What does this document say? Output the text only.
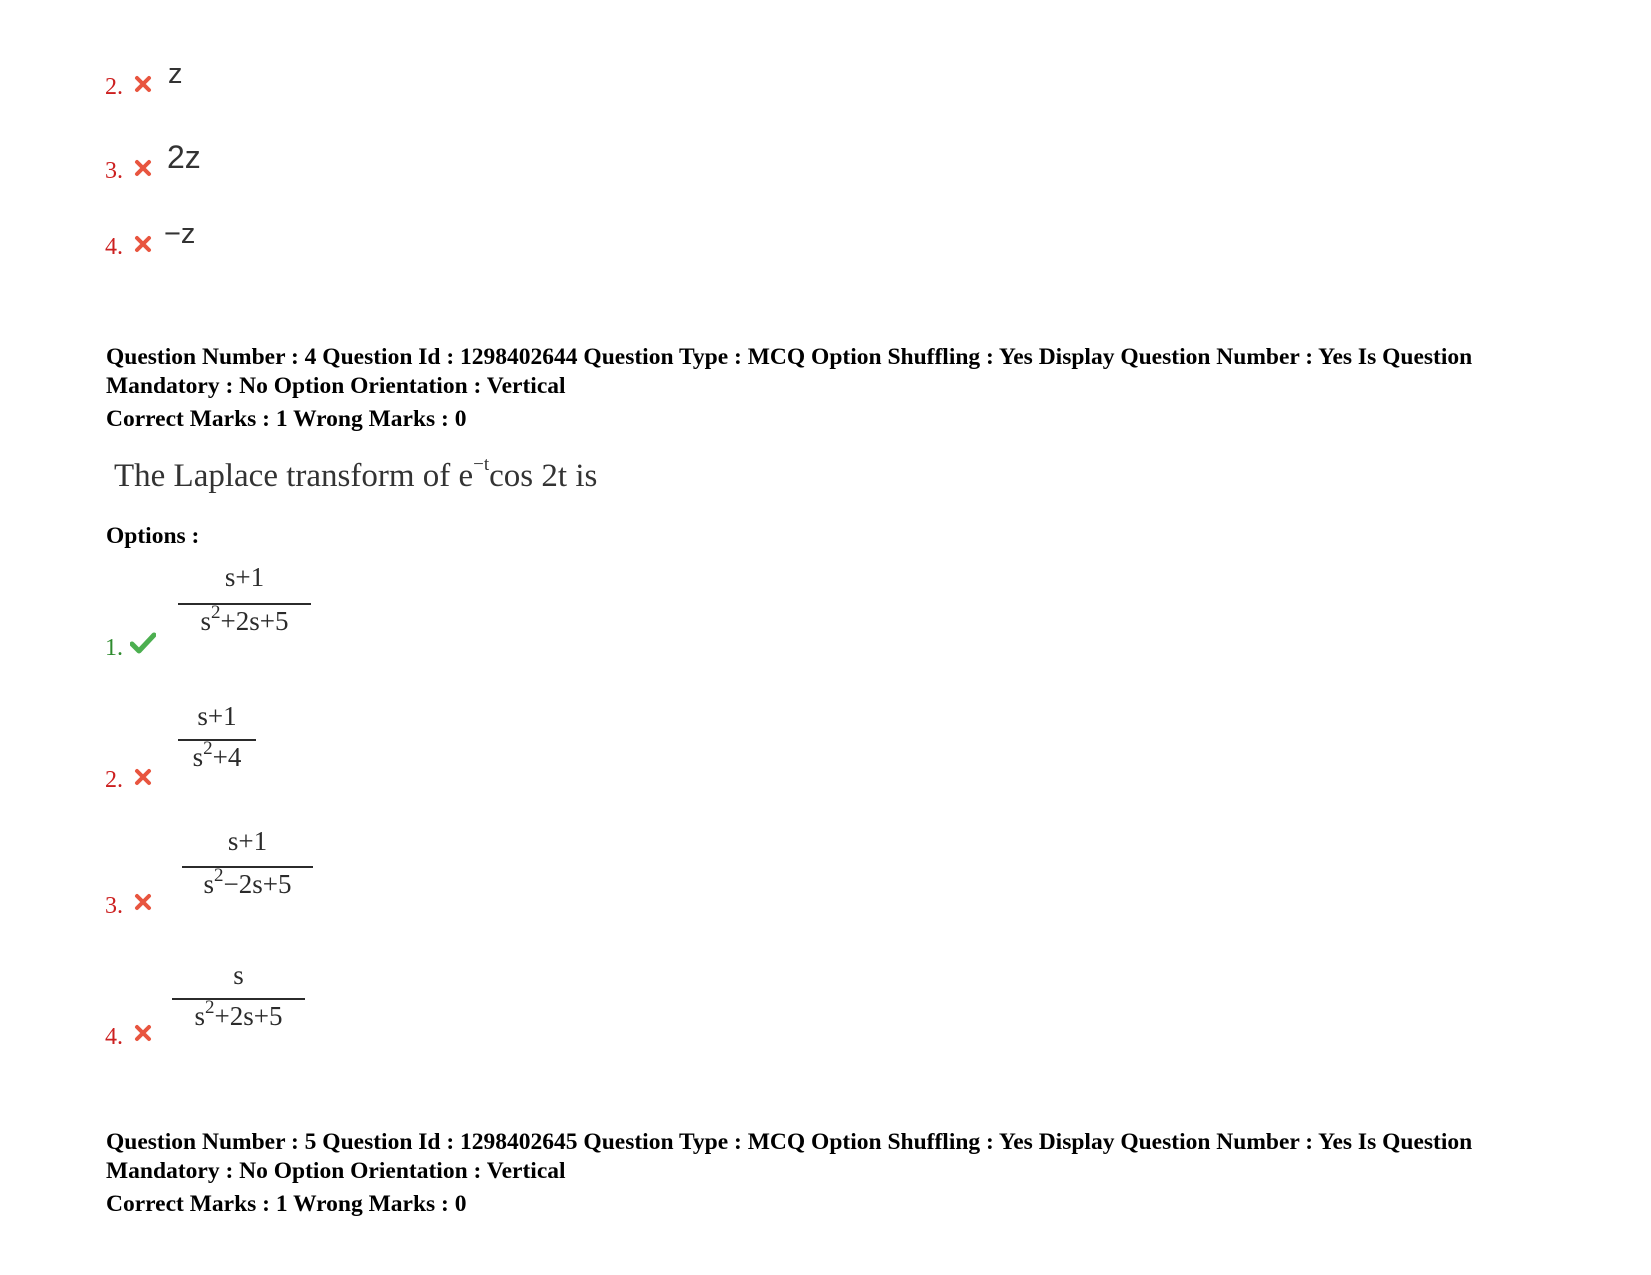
2. z
3. 2z
4. −z
Question Number : 4 Question Id : 1298402644 Question Type : MCQ Option Shuffling : Yes Display Question Number : Yes Is Question
Mandatory : No Option Orientation : Vertical
Correct Marks : 1 Wrong Marks : 0
The Laplace transform of $e^{-t}\cos$ 2t is
Options :
1.
s+1
$s^2+2s+5$
2.
s+1
$s^2+4$
3.
s+1
$s^2-2s+5$
4.
s
$s^2+2s+5$
Question Number : 5 Question Id : 1298402645 Question Type : MCQ Option Shuffling : Yes Display Question Number : Yes Is Question
Mandatory : No Option Orientation : Vertical
Correct Marks : 1 Wrong Marks : 0
